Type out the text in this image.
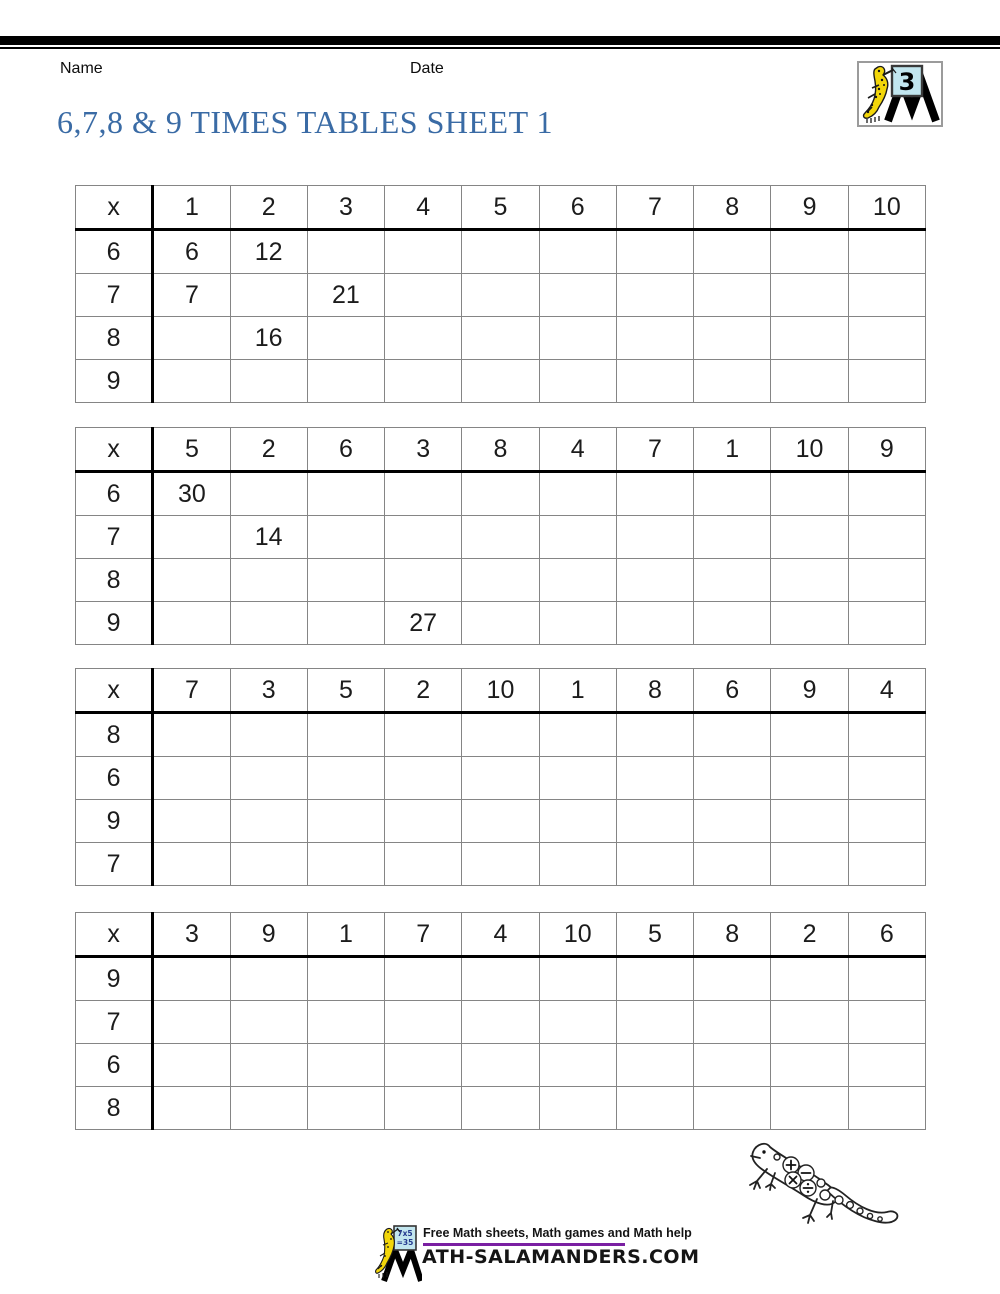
Name	Date	3
6,7,8 & 9 TIMES TABLES SHEET 1
x	1	2	3	4	5	6	7	8	9	10
6	6	12								
7	7		21							
8		16								
9										
x	5	2	6	3	8	4	7	1	10	9
6	30									
7		14								
8										
9				27						
x	7	3	5	2	10	1	8	6	9	4
8										
6										
9										
7										
x	3	9	1	7	4	10	5	8	2	6
9										
7										
6										
8										
7x5
=35
Free Math sheets, Math games and Math help
ATH-SALAMANDERS.COM
